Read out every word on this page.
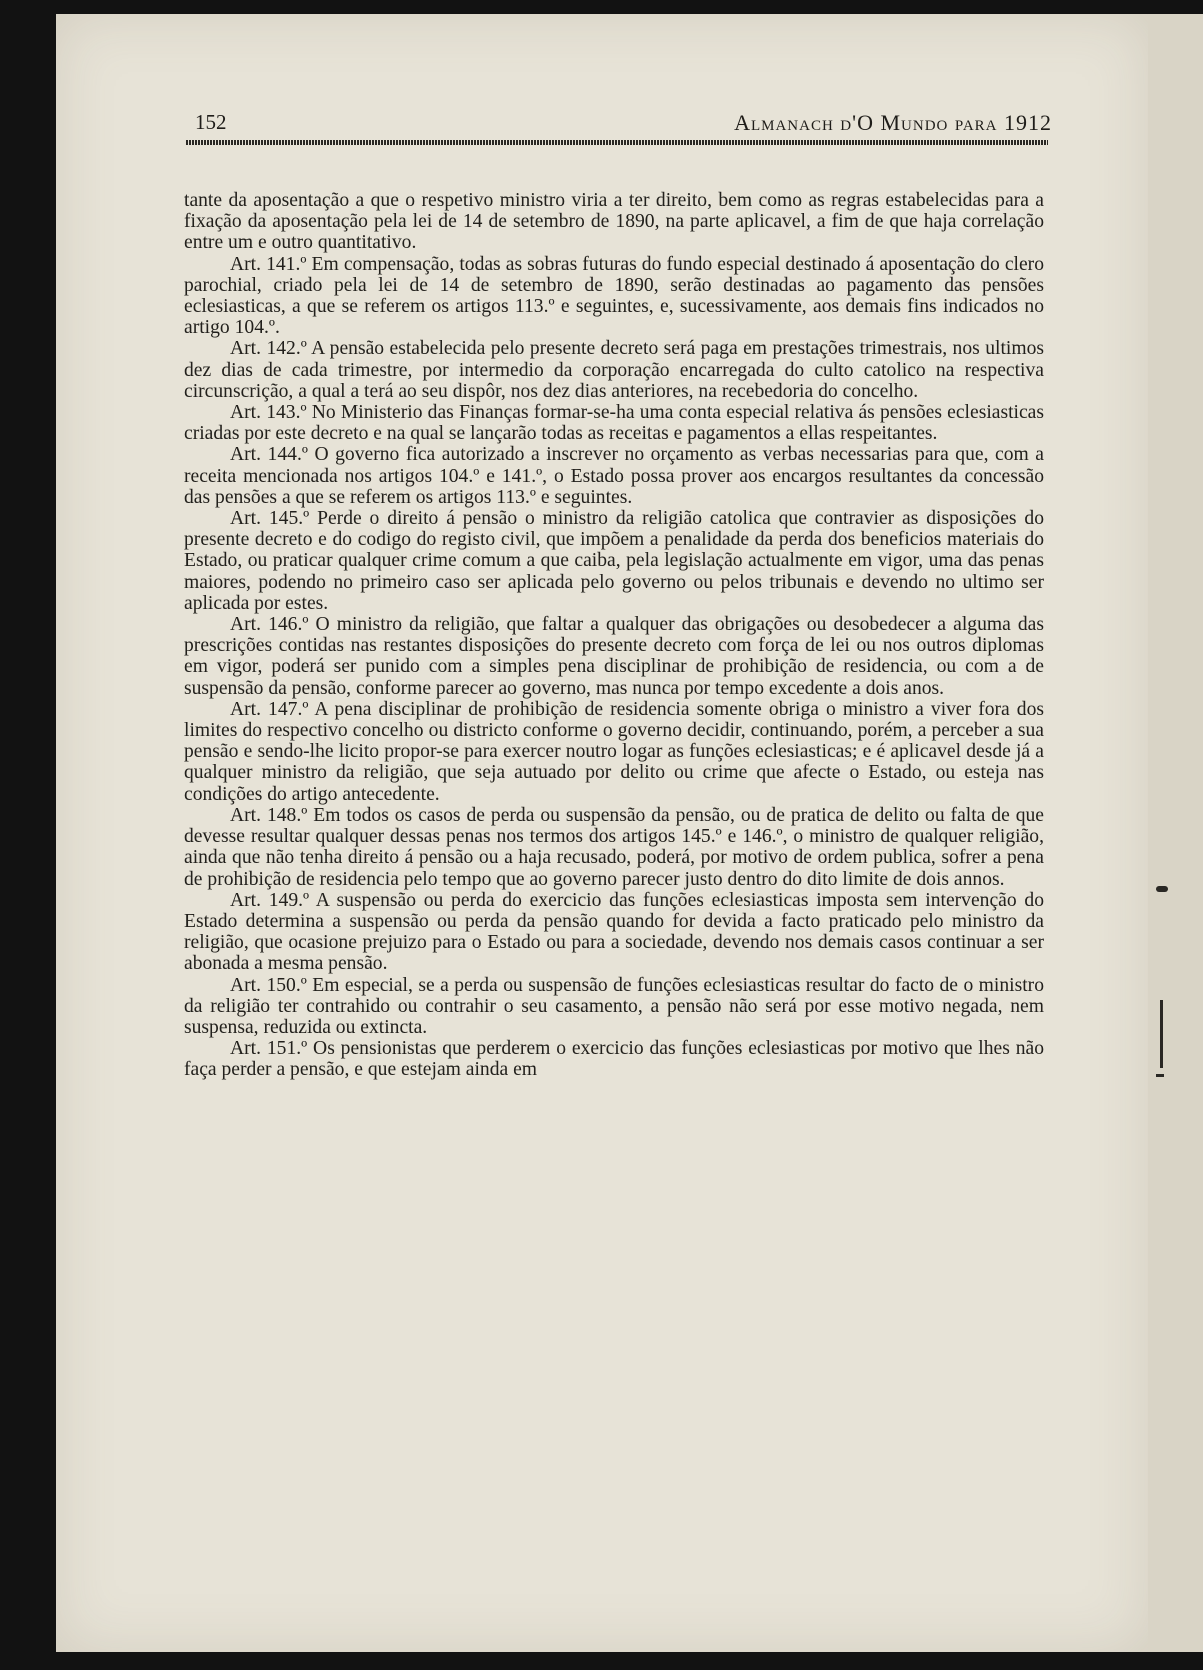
152	Almanach d'O Mundo para 1912

tante da aposentação a que o respetivo ministro viria a ter direito, bem como as regras estabelecidas para a fixação da aposentação pela lei de 14 de setembro de 1890, na parte aplicavel, a fim de que haja correlação entre um e outro quantitativo.

Art. 141.º Em compensação, todas as sobras futuras do fundo especial destinado á aposentação do clero parochial, criado pela lei de 14 de setembro de 1890, serão destinadas ao pagamento das pensões eclesiasticas, a que se referem os artigos 113.º e seguintes, e, sucessivamente, aos demais fins indicados no artigo 104.º.

Art. 142.º A pensão estabelecida pelo presente decreto será paga em prestações trimestrais, nos ultimos dez dias de cada trimestre, por intermedio da corporação encarregada do culto catolico na respectiva circunscrição, a qual a terá ao seu dispôr, nos dez dias anteriores, na recebedoria do concelho.

Art. 143.º No Ministerio das Finanças formar-se-ha uma conta especial relativa ás pensões eclesiasticas criadas por este decreto e na qual se lançarão todas as receitas e pagamentos a ellas respeitantes.

Art. 144.º O governo fica autorizado a inscrever no orçamento as verbas necessarias para que, com a receita mencionada nos artigos 104.º e 141.º, o Estado possa prover aos encargos resultantes da concessão das pensões a que se referem os artigos 113.º e seguintes.

Art. 145.º Perde o direito á pensão o ministro da religião catolica que contravier as disposições do presente decreto e do codigo do registo civil, que impõem a penalidade da perda dos beneficios materiais do Estado, ou praticar qualquer crime comum a que caiba, pela legislação actualmente em vigor, uma das penas maiores, podendo no primeiro caso ser aplicada pelo governo ou pelos tribunais e devendo no ultimo ser aplicada por estes.

Art. 146.º O ministro da religião, que faltar a qualquer das obrigações ou desobedecer a alguma das prescrições contidas nas restantes disposições do presente decreto com força de lei ou nos outros diplomas em vigor, poderá ser punido com a simples pena disciplinar de prohibição de residencia, ou com a de suspensão da pensão, conforme parecer ao governo, mas nunca por tempo excedente a dois anos.

Art. 147.º A pena disciplinar de prohibição de residencia somente obriga o ministro a viver fora dos limites do respectivo concelho ou districto conforme o governo decidir, continuando, porém, a perceber a sua pensão e sendo-lhe licito propor-se para exercer noutro logar as funções eclesiasticas; e é aplicavel desde já a qualquer ministro da religião, que seja autuado por delito ou crime que afecte o Estado, ou esteja nas condições do artigo antecedente.

Art. 148.º Em todos os casos de perda ou suspensão da pensão, ou de pratica de delito ou falta de que devesse resultar qualquer dessas penas nos termos dos artigos 145.º e 146.º, o ministro de qualquer religião, ainda que não tenha direito á pensão ou a haja recusado, poderá, por motivo de ordem publica, sofrer a pena de prohibição de residencia pelo tempo que ao governo parecer justo dentro do dito limite de dois annos.

Art. 149.º A suspensão ou perda do exercicio das funções eclesiasticas imposta sem intervenção do Estado determina a suspensão ou perda da pensão quando for devida a facto praticado pelo ministro da religião, que ocasione prejuizo para o Estado ou para a sociedade, devendo nos demais casos continuar a ser abonada a mesma pensão.

Art. 150.º Em especial, se a perda ou suspensão de funções eclesiasticas resultar do facto de o ministro da religião ter contrahido ou contrahir o seu casamento, a pensão não será por esse motivo negada, nem suspensa, reduzida ou extincta.

Art. 151.º Os pensionistas que perderem o exercicio das funções eclesiasticas por motivo que lhes não faça perder a pensão, e que estejam ainda em
